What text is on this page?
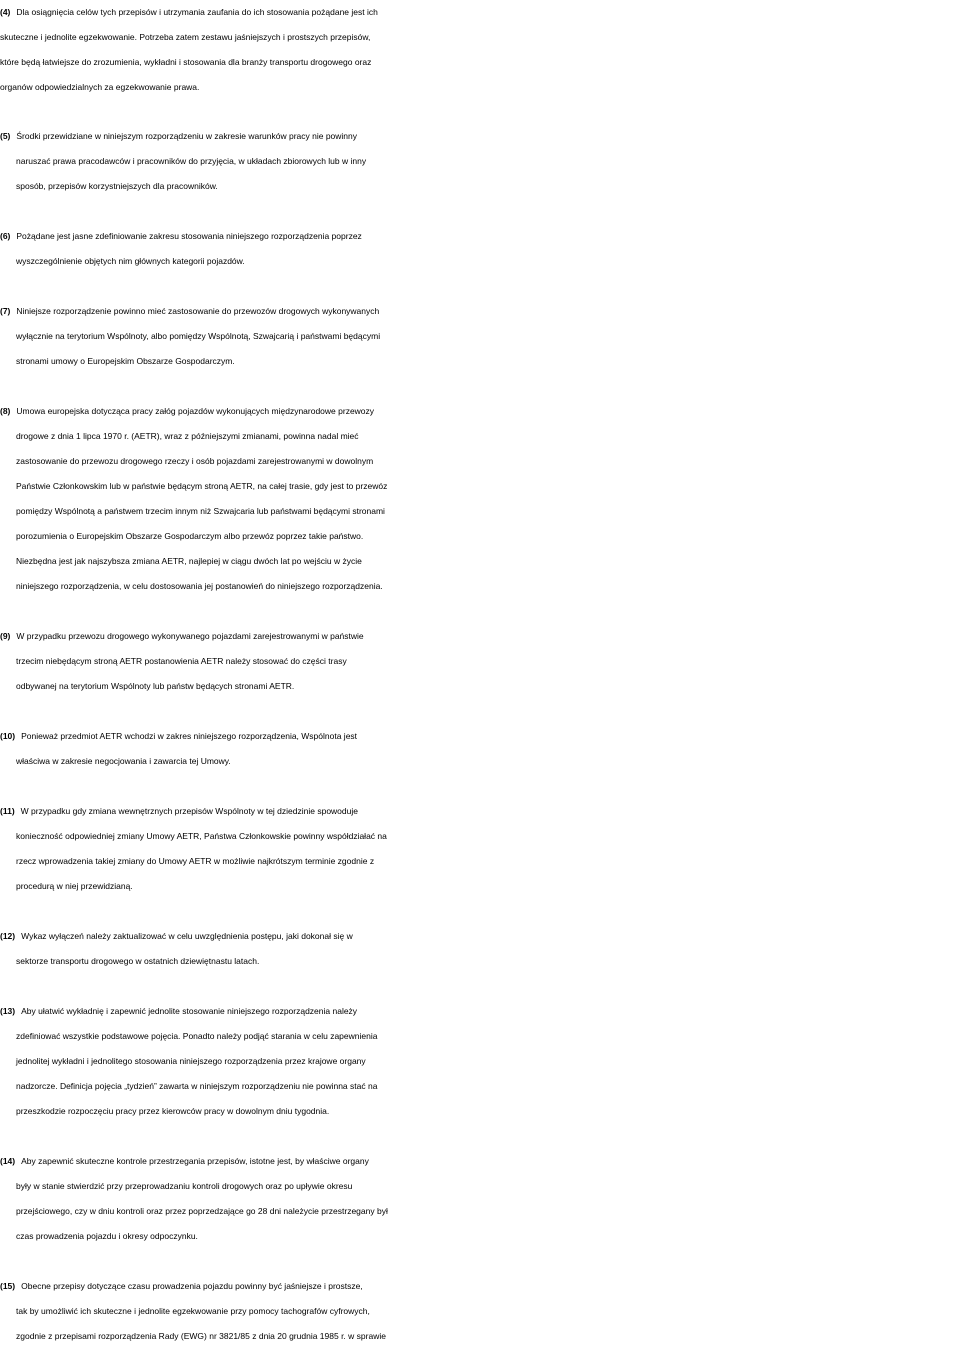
(4) Dla osiągnięcia celów tych przepisów i utrzymania zaufania do ich stosowania pożądane jest ich
skuteczne i jednolite egzekwowanie. Potrzeba zatem zestawu jaśniejszych i prostszych przepisów,
które będą łatwiejsze do zrozumienia, wykładni i stosowania dla branży transportu drogowego oraz
organów odpowiedzialnych za egzekwowanie prawa.
(5) Środki przewidziane w niniejszym rozporządzeniu w zakresie warunków pracy nie powinny
naruszać prawa pracodawców i pracowników do przyjęcia, w układach zbiorowych lub w inny
sposób, przepisów korzystniejszych dla pracowników.
(6) Pożądane jest jasne zdefiniowanie zakresu stosowania niniejszego rozporządzenia poprzez
wyszczególnienie objętych nim głównych kategorii pojazdów.
(7) Niniejsze rozporządzenie powinno mieć zastosowanie do przewozów drogowych wykonywanych
wyłącznie na terytorium Wspólnoty, albo pomiędzy Wspólnotą, Szwajcarią i państwami będącymi
stronami umowy o Europejskim Obszarze Gospodarczym.
(8) Umowa europejska dotycząca pracy załóg pojazdów wykonujących międzynarodowe przewozy
drogowe z dnia 1 lipca 1970 r. (AETR), wraz z późniejszymi zmianami, powinna nadal mieć
zastosowanie do przewozu drogowego rzeczy i osób pojazdami zarejestrowanymi w dowolnym
Państwie Członkowskim lub w państwie będącym stroną AETR, na całej trasie, gdy jest to przewóz
pomiędzy Wspólnotą a państwem trzecim innym niż Szwajcaria lub państwami będącymi stronami
porozumienia o Europejskim Obszarze Gospodarczym albo przewóz poprzez takie państwo.
Niezbędna jest jak najszybsza zmiana AETR, najlepiej w ciągu dwóch lat po wejściu w życie
niniejszego rozporządzenia, w celu dostosowania jej postanowień do niniejszego rozporządzenia.
(9) W przypadku przewozu drogowego wykonywanego pojazdami zarejestrowanymi w państwie
trzecim niebędącym stroną AETR postanowienia AETR należy stosować do części trasy
odbywanej na terytorium Wspólnoty lub państw będących stronami AETR.
(10) Ponieważ przedmiot AETR wchodzi w zakres niniejszego rozporządzenia, Wspólnota jest
właściwa w zakresie negocjowania i zawarcia tej Umowy.
(11) W przypadku gdy zmiana wewnętrznych przepisów Wspólnoty w tej dziedzinie spowoduje
konieczność odpowiedniej zmiany Umowy AETR, Państwa Członkowskie powinny współdziałać na
rzecz wprowadzenia takiej zmiany do Umowy AETR w możliwie najkrótszym terminie zgodnie z
procedurą w niej przewidzianą.
(12) Wykaz wyłączeń należy zaktualizować w celu uwzględnienia postępu, jaki dokonał się w
sektorze transportu drogowego w ostatnich dziewiętnastu latach.
(13) Aby ułatwić wykładnię i zapewnić jednolite stosowanie niniejszego rozporządzenia należy
zdefiniować wszystkie podstawowe pojęcia. Ponadto należy podjąć starania w celu zapewnienia
jednolitej wykładni i jednolitego stosowania niniejszego rozporządzenia przez krajowe organy
nadzorcze. Definicja pojęcia „tydzień” zawarta w niniejszym rozporządzeniu nie powinna stać na
przeszkodzie rozpoczęciu pracy przez kierowców pracy w dowolnym dniu tygodnia.
(14) Aby zapewnić skuteczne kontrole przestrzegania przepisów, istotne jest, by właściwe organy
były w stanie stwierdzić przy przeprowadzaniu kontroli drogowych oraz po upływie okresu
przejściowego, czy w dniu kontroli oraz przez poprzedzające go 28 dni należycie przestrzegany był
czas prowadzenia pojazdu i okresy odpoczynku.
(15) Obecne przepisy dotyczące czasu prowadzenia pojazdu powinny być jaśniejsze i prostsze,
tak by umożliwić ich skuteczne i jednolite egzekwowanie przy pomocy tachografów cyfrowych,
zgodnie z przepisami rozporządzenia Rady (EWG) nr 3821/85 z dnia 20 grudnia 1985 r. w sprawie
